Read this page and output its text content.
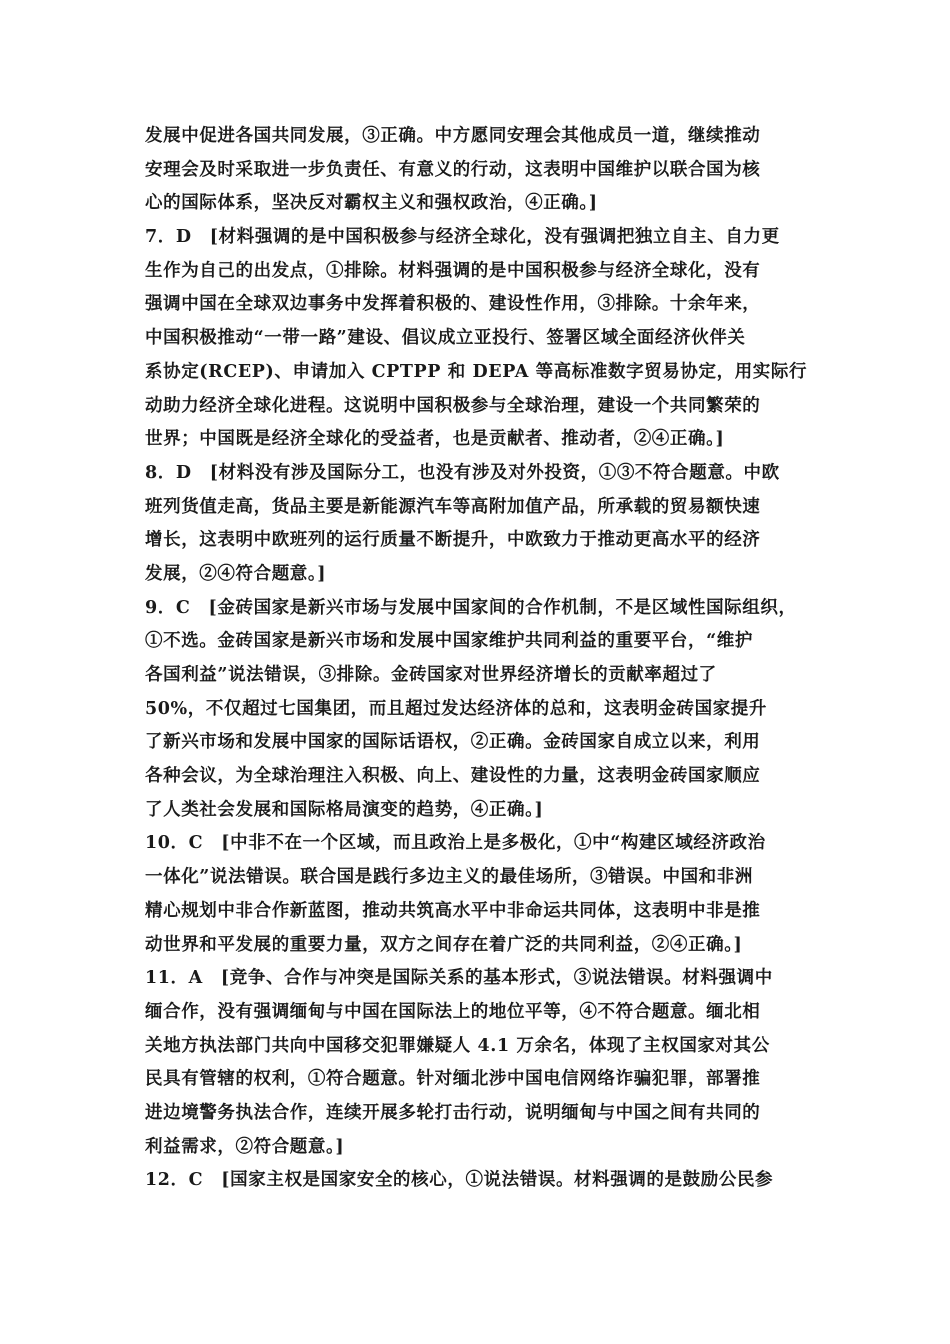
发展中促进各国共同发展，③正确。中方愿同安理会其他成员一道，继续推动
安理会及时采取进一步负责任、有意义的行动，这表明中国维护以联合国为核
心的国际体系，坚决反对霸权主义和强权政治，④正确。]
7．D　[材料强调的是中国积极参与经济全球化，没有强调把独立自主、自力更
生作为自己的出发点，①排除。材料强调的是中国积极参与经济全球化，没有
强调中国在全球双边事务中发挥着积极的、建设性作用，③排除。十余年来，
中国积极推动“一带一路”建设、倡议成立亚投行、签署区域全面经济伙伴关
系协定(RCEP)、申请加入 CPTPP 和 DEPA 等高标准数字贸易协定，用实际行
动助力经济全球化进程。这说明中国积极参与全球治理，建设一个共同繁荣的
世界；中国既是经济全球化的受益者，也是贡献者、推动者，②④正确。]
8．D　[材料没有涉及国际分工，也没有涉及对外投资，①③不符合题意。中欧
班列货值走高，货品主要是新能源汽车等高附加值产品，所承载的贸易额快速
增长，这表明中欧班列的运行质量不断提升，中欧致力于推动更高水平的经济
发展，②④符合题意。]
9．C　[金砖国家是新兴市场与发展中国家间的合作机制，不是区域性国际组织，
①不选。金砖国家是新兴市场和发展中国家维护共同利益的重要平台，“维护
各国利益”说法错误，③排除。金砖国家对世界经济增长的贡献率超过了
50%，不仅超过七国集团，而且超过发达经济体的总和，这表明金砖国家提升
了新兴市场和发展中国家的国际话语权，②正确。金砖国家自成立以来，利用
各种会议，为全球治理注入积极、向上、建设性的力量，这表明金砖国家顺应
了人类社会发展和国际格局演变的趋势，④正确。]
10．C　[中非不在一个区域，而且政治上是多极化，①中“构建区域经济政治
一体化”说法错误。联合国是践行多边主义的最佳场所，③错误。中国和非洲
精心规划中非合作新蓝图，推动共筑高水平中非命运共同体，这表明中非是推
动世界和平发展的重要力量，双方之间存在着广泛的共同利益，②④正确。]
11．A　[竞争、合作与冲突是国际关系的基本形式，③说法错误。材料强调中
缅合作，没有强调缅甸与中国在国际法上的地位平等，④不符合题意。缅北相
关地方执法部门共向中国移交犯罪嫌疑人 4.1 万余名，体现了主权国家对其公
民具有管辖的权利，①符合题意。针对缅北涉中国电信网络诈骗犯罪，部署推
进边境警务执法合作，连续开展多轮打击行动，说明缅甸与中国之间有共同的
利益需求，②符合题意。]
12．C　[国家主权是国家安全的核心，①说法错误。材料强调的是鼓励公民参
